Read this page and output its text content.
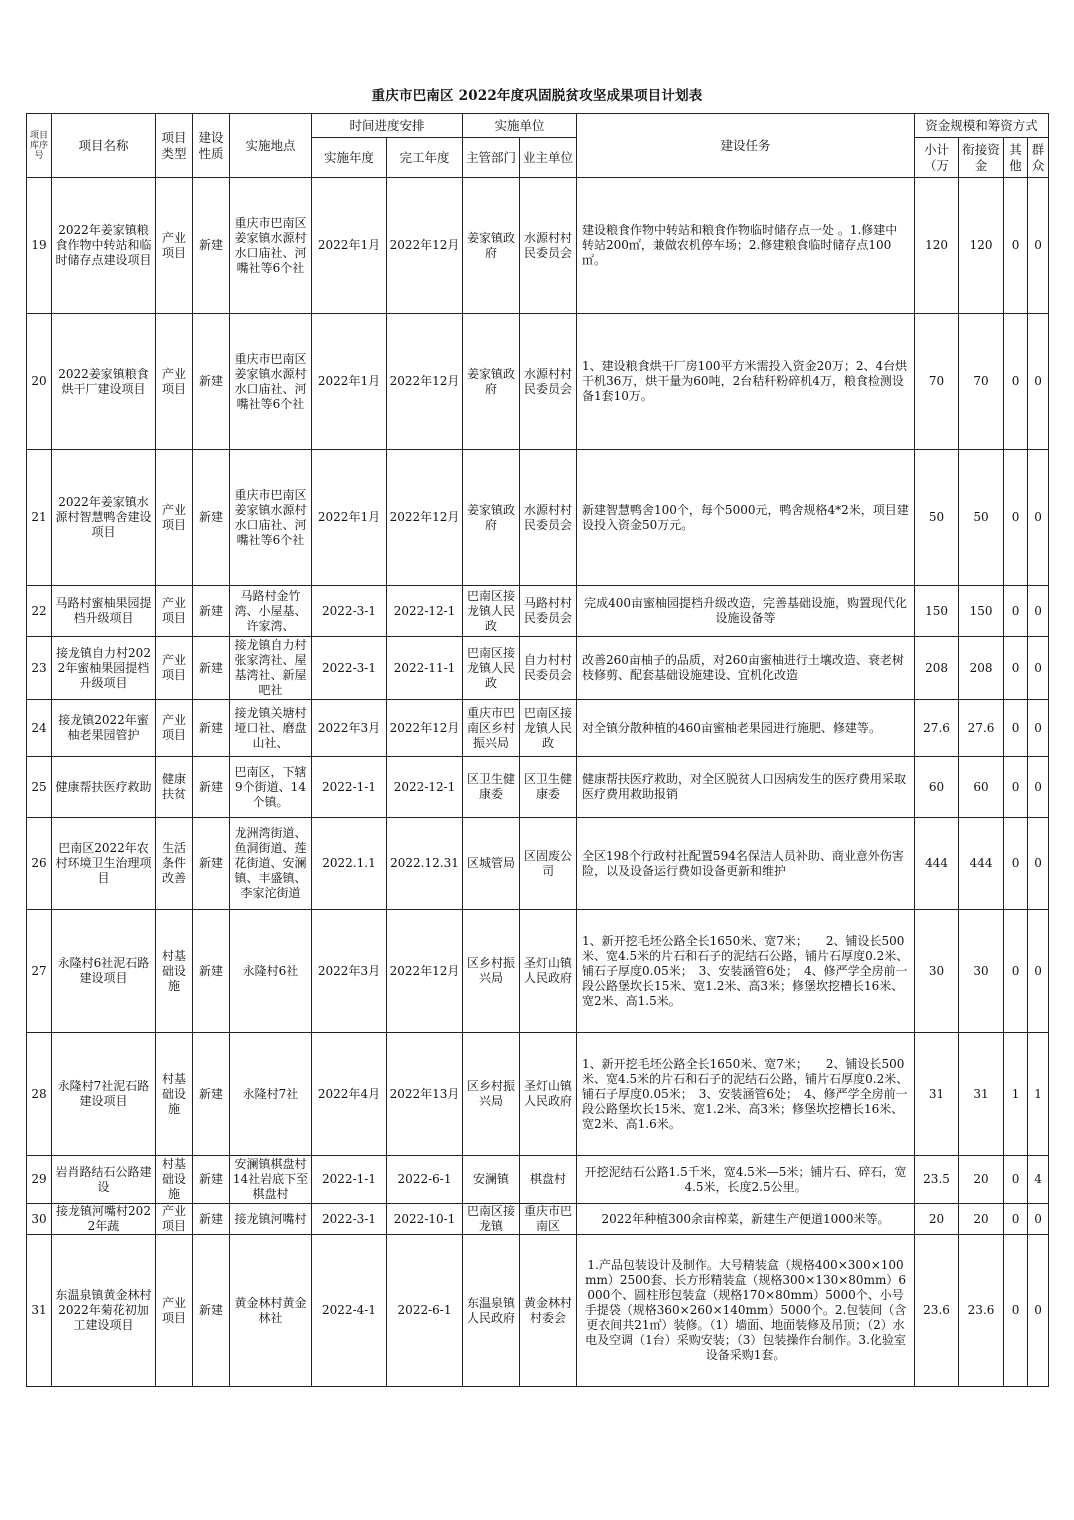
重庆市巴南区 2022年度巩固脱贫攻坚成果项目计划表
项目库序号	项目名称	项目类型	建设性质	实施地点	时间进度安排		实施单位		建设任务	资金规模和筹资方式			
					实施年度	完工年度	主管部门	业主单位		小计（万	衔接资金	其他	群众
19	2022年姜家镇粮食作物中转站和临时储存点建设项目	产业项目	新建	重庆市巴南区姜家镇水源村水口庙社、河嘴社等6个社	2022年1月	2022年12月	姜家镇政府	水源村村民委员会	建设粮食作物中转站和粮食作物临时储存点一处 。1.修建中转站200㎡，兼做农机停车场；2.修建粮食临时储存点100㎡。	120	120	0	0
20	2022姜家镇粮食烘干厂建设项目	产业项目	新建	重庆市巴南区姜家镇水源村水口庙社、河嘴社等6个社	2022年1月	2022年12月	姜家镇政府	水源村村民委员会	1、建设粮食烘干厂房100平方米需投入资金20万；2、4台烘干机36万，烘干量为60吨，2台秸秆粉碎机4万，粮食检测设备1套10万。	70	70	0	0
21	2022年姜家镇水源村智慧鸭舍建设项目	产业项目	新建	重庆市巴南区姜家镇水源村水口庙社、河嘴社等6个社	2022年1月	2022年12月	姜家镇政府	水源村村民委员会	新建智慧鸭舍100个，每个5000元，鸭舍规格4*2米，项目建设投入资金50万元。	50	50	0	0
22	马路村蜜柚果园提档升级项目	产业项目	新建	马路村金竹湾、小屋基、许家湾、	2022-3-1	2022-12-1	巴南区接龙镇人民政	马路村村民委员会	完成400亩蜜柚园提档升级改造，完善基础设施，购置现代化设施设备等	150	150	0	0
23	接龙镇自力村2022年蜜柚果园提档升级项目	产业项目	新建	接龙镇自力村张家湾社、屋基湾社、新屋吧社	2022-3-1	2022-11-1	巴南区接龙镇人民政	自力村村民委员会	改善260亩柚子的品质，对260亩蜜柚进行土壤改造、衰老树枝修剪、配套基础设施建设、宜机化改造	208	208	0	0
24	接龙镇2022年蜜柚老果园管护	产业项目	新建	接龙镇关塘村垭口社、磨盘山社、	2022年3月	2022年12月	重庆市巴南区乡村振兴局	巴南区接龙镇人民政	对全镇分散种植的460亩蜜柚老果园进行施肥、修建等。	27.6	27.6	0	0
25	健康帮扶医疗救助	健康扶贫	新建	巴南区，下辖9个街道、14个镇。	2022-1-1	2022-12-1	区卫生健康委	区卫生健康委	健康帮扶医疗救助，对全区脱贫人口因病发生的医疗费用采取医疗费用救助报销	60	60	0	0
26	巴南区2022年农村环境卫生治理项目	生活条件改善	新建	龙洲湾街道、鱼洞街道、莲花街道、安澜镇、丰盛镇、李家沱街道	2022.1.1	2022.12.31	区城管局	区固废公司	全区198个行政村社配置594名保洁人员补助、商业意外伤害险，以及设备运行费如设备更新和维护	444	444	0	0
27	永隆村6社泥石路建设项目	村基础设施	新建	永隆村6社	2022年3月	2022年12月	区乡村振兴局	圣灯山镇人民政府	1、新开挖毛坯公路全长1650米、宽7米；　　2、铺设长500米、宽4.5米的片石和石子的泥结石公路，铺片石厚度0.2米、铺石子厚度0.05米；　3、安装涵管6处；　4、修严学全房前一段公路堡坎长15米、宽1.2米、高3米；修堡坎挖槽长16米、宽2米、高1.5米。	30	30	0	0
28	永隆村7社泥石路建设项目	村基础设施	新建	永隆村7社	2022年4月	2022年13月	区乡村振兴局	圣灯山镇人民政府	1、新开挖毛坯公路全长1650米、宽7米；　　2、铺设长500米、宽4.5米的片石和石子的泥结石公路，铺片石厚度0.2米、铺石子厚度0.05米；　3、安装涵管6处；　4、修严学全房前一段公路堡坎长15米、宽1.2米、高3米；修堡坎挖槽长16米、宽2米、高1.6米。	31	31	1	1
29	岩肖路结石公路建设	村基础设施	新建	安澜镇棋盘村14社岩底下至棋盘村	2022-1-1	2022-6-1	安澜镇	棋盘村	开挖泥结石公路1.5千米，宽4.5米—5米；铺片石、碎石，宽4.5米，长度2.5公里。	23.5	20	0	4
30	接龙镇河嘴村2022年蔬	产业项目	新建	接龙镇河嘴村	2022-3-1	2022-10-1	巴南区接龙镇	重庆市巴南区	2022年种植300余亩榨菜，新建生产便道1000米等。	20	20	0	0
31	东温泉镇黄金林村2022年菊花初加工建设项目	产业项目	新建	黄金林村黄金林社	2022-4-1	2022-6-1	东温泉镇人民政府	黄金林村村委会	1.产品包装设计及制作。大号精装盒（规格400×300×100mm）2500套、长方形精装盒（规格300×130×80mm）6000个、圆柱形包装盒（规格170×80mm）5000个、小号手提袋（规格360×260×140mm）5000个。2.包装间（含更衣间共21㎡）装修。（1）墙面、地面装修及吊顶；（2）水电及空调（1台）采购安装；（3）包装操作台制作。3.化验室设备采购1套。	23.6	23.6	0	0
